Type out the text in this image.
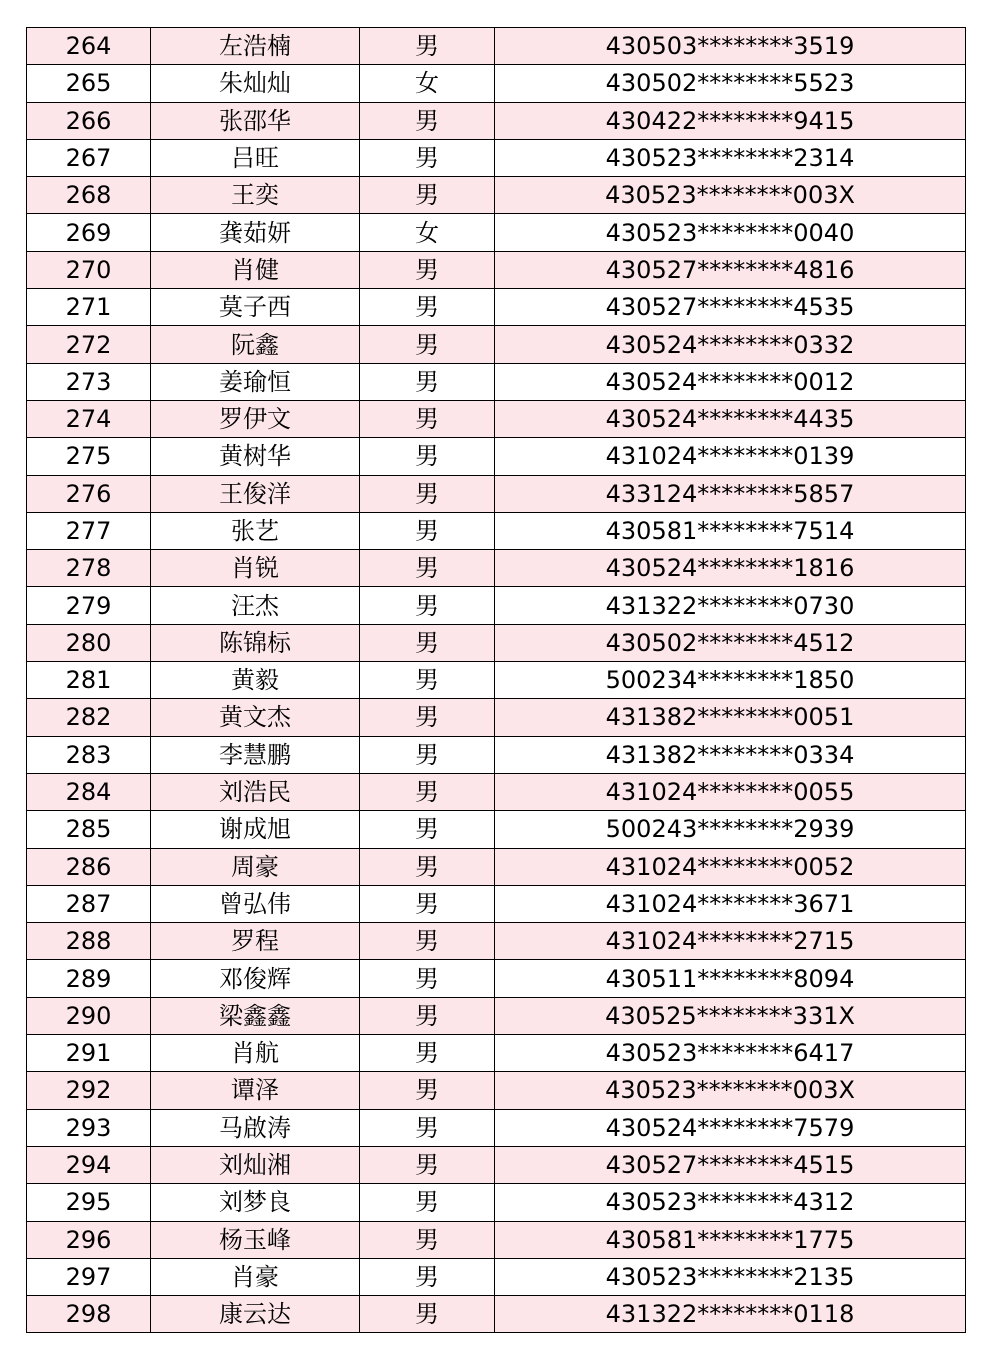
264	左浩楠	男	430503********3519
265	朱灿灿	女	430502********5523
266	张邵华	男	430422********9415
267	吕旺	男	430523********2314
268	王奕	男	430523********003X
269	龚茹妍	女	430523********0040
270	肖健	男	430527********4816
271	莫子西	男	430527********4535
272	阮鑫	男	430524********0332
273	姜瑜恒	男	430524********0012
274	罗伊文	男	430524********4435
275	黄树华	男	431024********0139
276	王俊洋	男	433124********5857
277	张艺	男	430581********7514
278	肖锐	男	430524********1816
279	汪杰	男	431322********0730
280	陈锦标	男	430502********4512
281	黄毅	男	500234********1850
282	黄文杰	男	431382********0051
283	李慧鹏	男	431382********0334
284	刘浩民	男	431024********0055
285	谢成旭	男	500243********2939
286	周豪	男	431024********0052
287	曾弘伟	男	431024********3671
288	罗程	男	431024********2715
289	邓俊辉	男	430511********8094
290	梁鑫鑫	男	430525********331X
291	肖航	男	430523********6417
292	谭泽	男	430523********003X
293	马啟涛	男	430524********7579
294	刘灿湘	男	430527********4515
295	刘梦良	男	430523********4312
296	杨玉峰	男	430581********1775
297	肖豪	男	430523********2135
298	康云达	男	431322********0118
